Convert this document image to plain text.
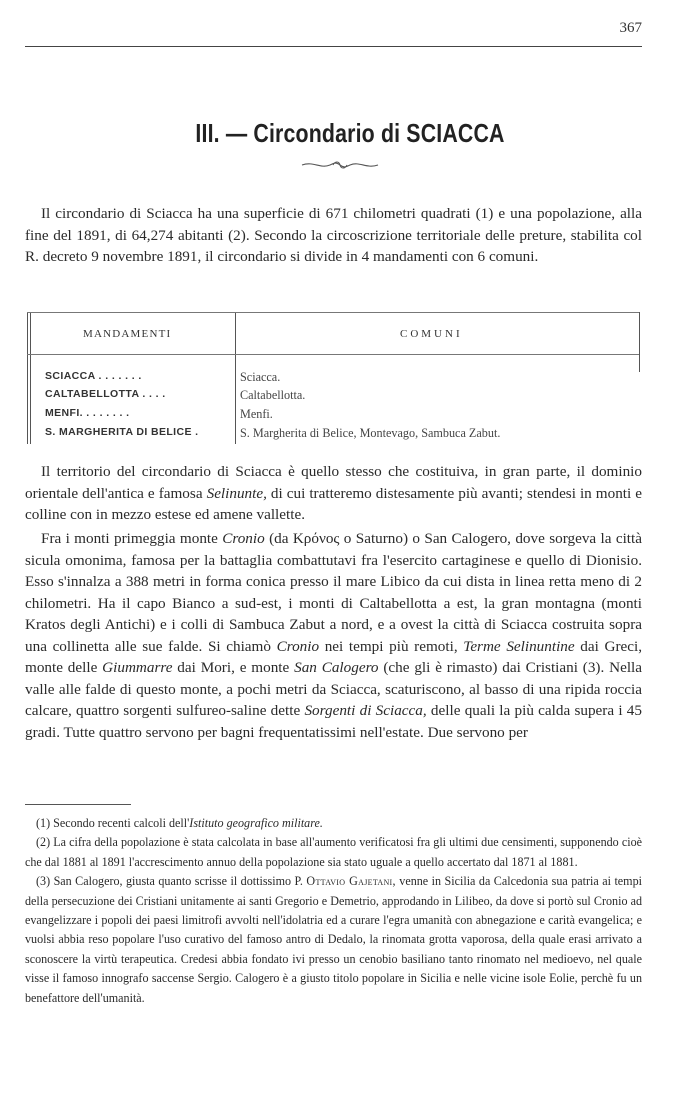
367
III. — Circondario di SCIACCA

Il circondario di Sciacca ha una superficie di 671 chilometri quadrati (1) e una popolazione, alla fine del 1891, di 64,274 abitanti (2). Secondo la circoscrizione territoriale delle preture, stabilita col R. decreto 9 novembre 1891, il circondario si divide in 4 mandamenti con 6 comuni.

MANDAMENTI	COMUNI
SCIACCA . . . . . . .	Sciacca.
CALTABELLOTTA . . . .	Caltabellotta.
MENFI. . . . . . . .	Menfi.
S. MARGHERITA DI BELICE .	S. Margherita di Belice, Montevago, Sambuca Zabut.

Il territorio del circondario di Sciacca è quello stesso che costituiva, in gran parte, il dominio orientale dell'antica e famosa Selinunte, di cui tratteremo distesamente più avanti; stendesi in monti e colline con in mezzo estese ed amene vallette.

Fra i monti primeggia monte Cronio (da Κρόνος o Saturno) o San Calogero, dove sorgeva la città sicula omonima, famosa per la battaglia combattutavi fra l'esercito cartaginese e quello di Dionisio. Esso s'innalza a 388 metri in forma conica presso il mare Libico da cui dista in linea retta meno di 2 chilometri. Ha il capo Bianco a sud-est, i monti di Caltabellotta a est, la gran montagna (monti Kratos degli Antichi) e i colli di Sambuca Zabut a nord, e a ovest la città di Sciacca costruita sopra una collinetta alle sue falde. Si chiamò Cronio nei tempi più remoti, Terme Selinuntine dai Greci, monte delle Giummarre dai Mori, e monte San Calogero (che gli è rimasto) dai Cristiani (3). Nella valle alle falde di questo monte, a pochi metri da Sciacca, scaturiscono, al basso di una ripida roccia calcare, quattro sorgenti sulfureo-saline dette Sorgenti di Sciacca, delle quali la più calda supera i 45 gradi. Tutte quattro servono per bagni frequentatissimi nell'estate. Due servono per

(1) Secondo recenti calcoli dell'Istituto geografico militare.

(2) La cifra della popolazione è stata calcolata in base all'aumento verificatosi fra gli ultimi due censimenti, supponendo cioè che dal 1881 al 1891 l'accrescimento annuo della popolazione sia stato uguale a quello accertato dal 1871 al 1881.

(3) San Calogero, giusta quanto scrisse il dottissimo P. Ottavio Gajetani, venne in Sicilia da Calcedonia sua patria ai tempi della persecuzione dei Cristiani unitamente ai santi Gregorio e Demetrio, approdando in Lilibeo, da dove si portò sul Cronio ad evangelizzare i popoli dei paesi limitrofi avvolti nell'idolatria ed a curare l'egra umanità con abnegazione e carità evangelica; e vuolsi abbia reso popolare l'uso curativo del famoso antro di Dedalo, la rinomata grotta vaporosa, della quale erasi arrivato a sconoscere la virtù terapeutica. Credesi abbia fondato ivi presso un cenobio basiliano tanto rinomato nel medioevo, nel quale visse il famoso innografo saccense Sergio. Calogero è a giusto titolo popolare in Sicilia e nelle vicine isole Eolie, perchè fu un benefattore dell'umanità.
